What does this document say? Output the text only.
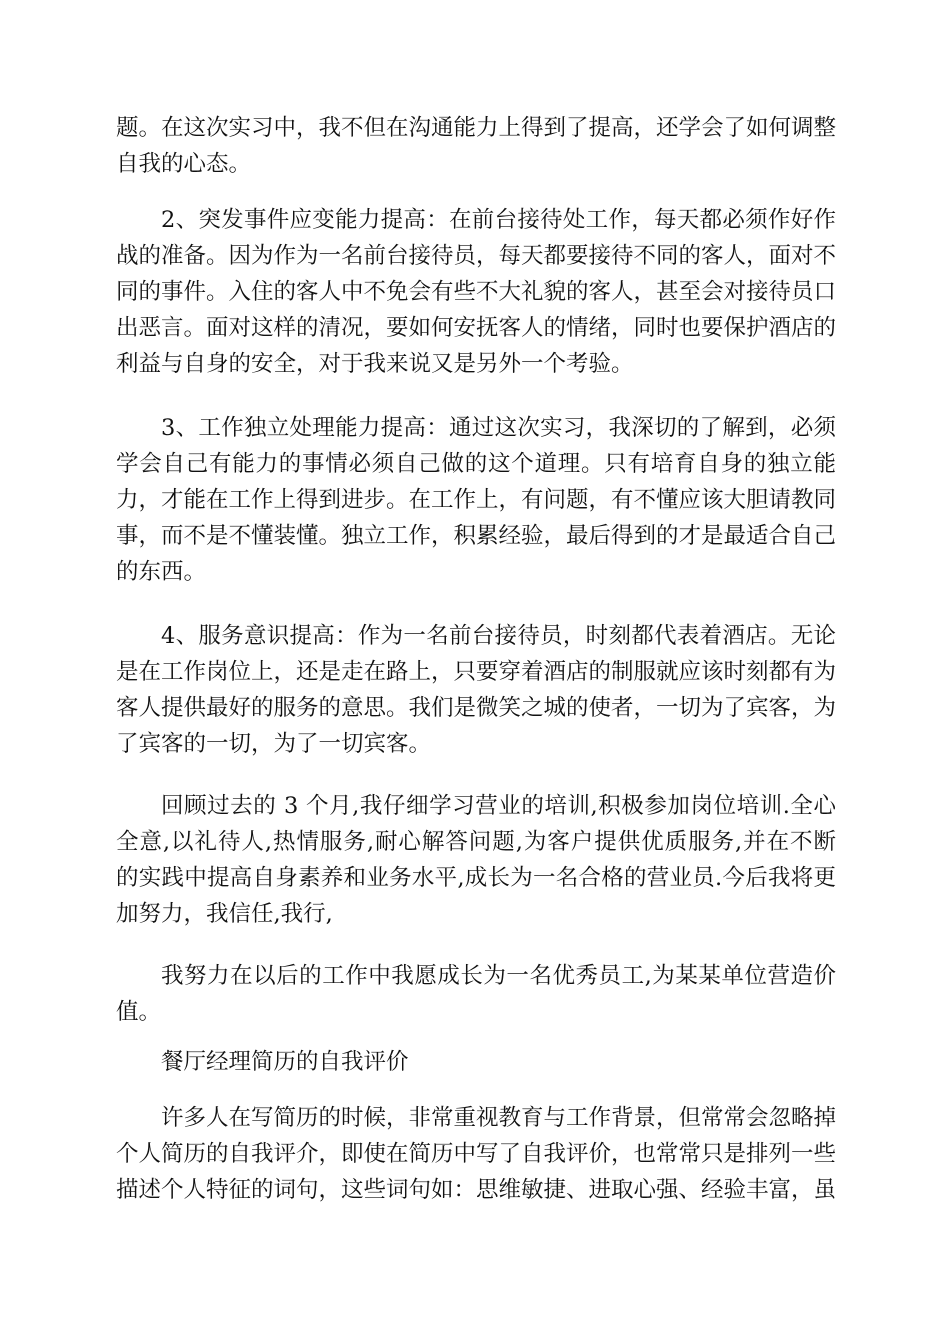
题。在这次实习中，我不但在沟通能力上得到了提高，还学会了如何调整
自我的心态。
2、突发事件应变能力提高：在前台接待处工作，每天都必须作好作
战的准备。因为作为一名前台接待员，每天都要接待不同的客人，面对不
同的事件。入住的客人中不免会有些不大礼貌的客人，甚至会对接待员口
出恶言。面对这样的清况，要如何安抚客人的情绪，同时也要保护酒店的
利益与自身的安全，对于我来说又是另外一个考验。
3、工作独立处理能力提高：通过这次实习，我深切的了解到，必须
学会自己有能力的事情必须自己做的这个道理。只有培育自身的独立能
力，才能在工作上得到进步。在工作上，有问题，有不懂应该大胆请教同
事，而不是不懂装懂。独立工作，积累经验，最后得到的才是最适合自己
的东西。
4、服务意识提高：作为一名前台接待员，时刻都代表着酒店。无论
是在工作岗位上，还是走在路上，只要穿着酒店的制服就应该时刻都有为
客人提供最好的服务的意思。我们是微笑之城的使者，一切为了宾客，为
了宾客的一切，为了一切宾客。
回顾过去的 3 个月,我仔细学习营业的培训,积极参加岗位培训.全心
全意,以礼待人,热情服务,耐心解答问题,为客户提供优质服务,并在不断
的实践中提高自身素养和业务水平,成长为一名合格的营业员.今后我将更
加努力，我信任,我行,
我努力在以后的工作中我愿成长为一名优秀员工,为某某单位营造价
值。
餐厅经理简历的自我评价
许多人在写简历的时候，非常重视教育与工作背景，但常常会忽略掉
个人简历的自我评介，即使在简历中写了自我评价，也常常只是排列一些
描述个人特征的词句，这些词句如：思维敏捷、进取心强、经验丰富，虽
